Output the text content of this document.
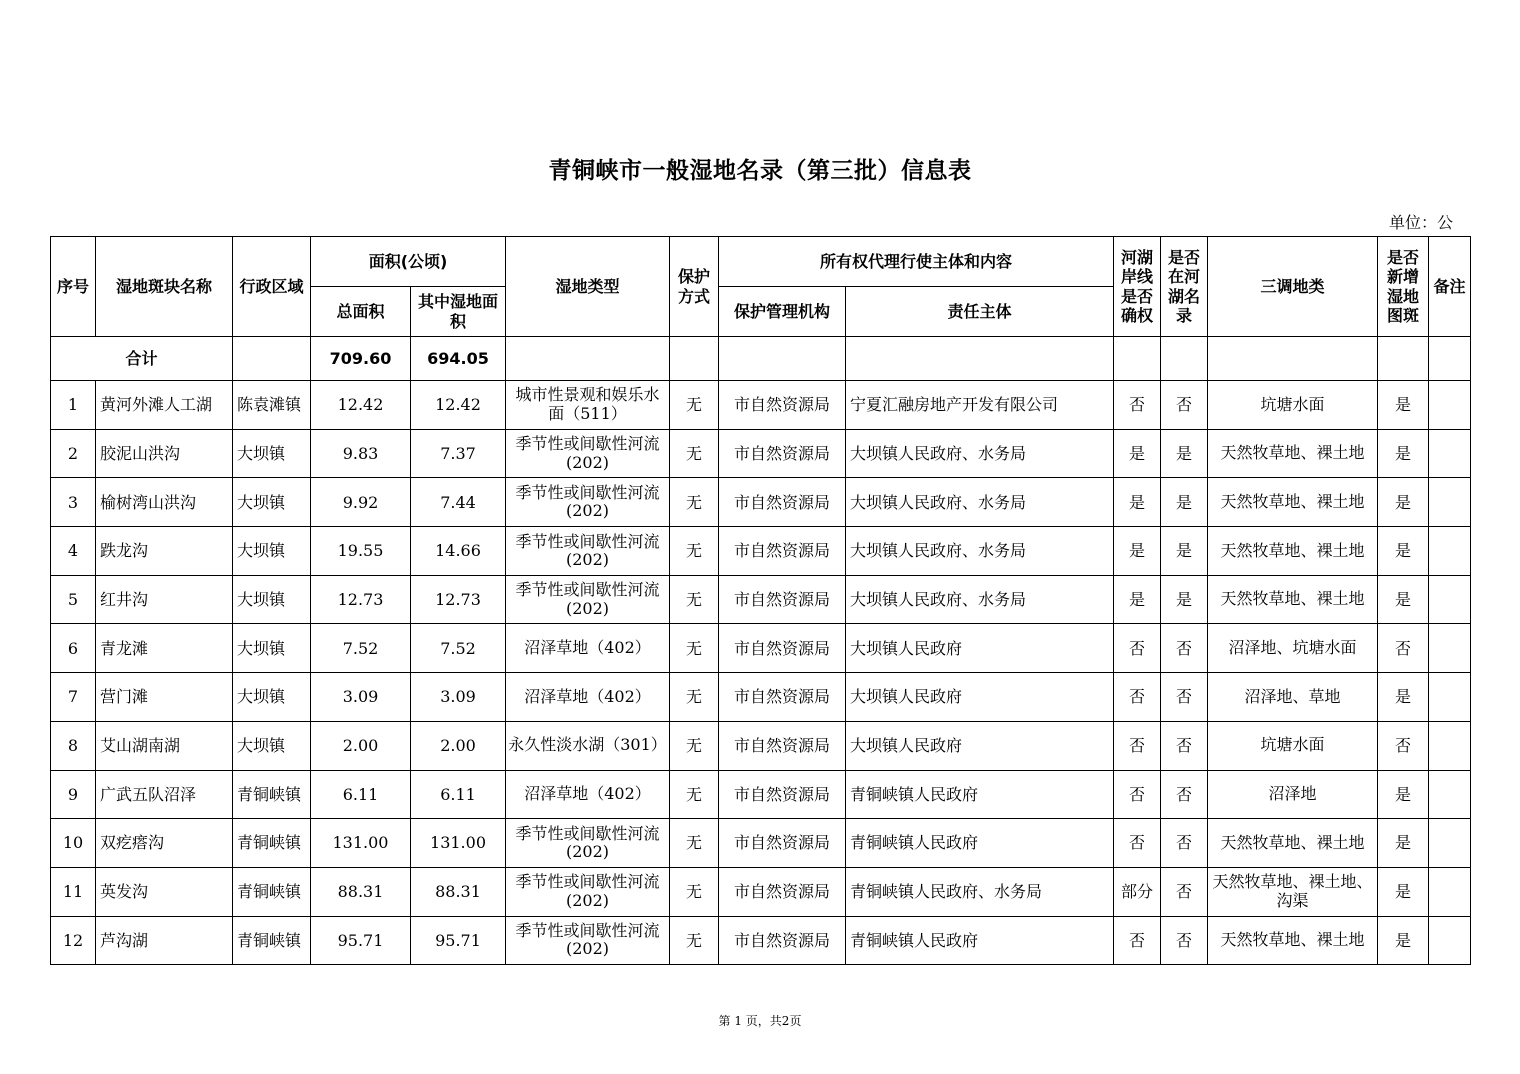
青铜峡市一般湿地名录（第三批）信息表
单位：公
序号	湿地斑块名称	行政区域	面积(公顷)		湿地类型	保护方式	所有权代理行使主体和内容		河湖岸线是否确权	是否在河湖名录	三调地类	是否新增湿地图斑	备注
			总面积	其中湿地面积			保护管理机构	责任主体					
合计			709.60	694.05									
1	黄河外滩人工湖	陈袁滩镇	12.42	12.42	城市性景观和娱乐水面（511）	无	市自然资源局	宁夏汇融房地产开发有限公司	否	否	坑塘水面	是	
2	胶泥山洪沟	大坝镇	9.83	7.37	季节性或间歇性河流(202)	无	市自然资源局	大坝镇人民政府、水务局	是	是	天然牧草地、裸土地	是	
3	榆树湾山洪沟	大坝镇	9.92	7.44	季节性或间歇性河流(202)	无	市自然资源局	大坝镇人民政府、水务局	是	是	天然牧草地、裸土地	是	
4	跌龙沟	大坝镇	19.55	14.66	季节性或间歇性河流(202)	无	市自然资源局	大坝镇人民政府、水务局	是	是	天然牧草地、裸土地	是	
5	红井沟	大坝镇	12.73	12.73	季节性或间歇性河流(202)	无	市自然资源局	大坝镇人民政府、水务局	是	是	天然牧草地、裸土地	是	
6	青龙滩	大坝镇	7.52	7.52	沼泽草地（402）	无	市自然资源局	大坝镇人民政府	否	否	沼泽地、坑塘水面	否	
7	营门滩	大坝镇	3.09	3.09	沼泽草地（402）	无	市自然资源局	大坝镇人民政府	否	否	沼泽地、草地	是	
8	艾山湖南湖	大坝镇	2.00	2.00	永久性淡水湖（301）	无	市自然资源局	大坝镇人民政府	否	否	坑塘水面	否	
9	广武五队沼泽	青铜峡镇	6.11	6.11	沼泽草地（402）	无	市自然资源局	青铜峡镇人民政府	否	否	沼泽地	是	
10	双疙瘩沟	青铜峡镇	131.00	131.00	季节性或间歇性河流(202)	无	市自然资源局	青铜峡镇人民政府	否	否	天然牧草地、裸土地	是	
11	英发沟	青铜峡镇	88.31	88.31	季节性或间歇性河流(202)	无	市自然资源局	青铜峡镇人民政府、水务局	部分	否	天然牧草地、裸土地、沟渠	是	
12	芦沟湖	青铜峡镇	95.71	95.71	季节性或间歇性河流(202)	无	市自然资源局	青铜峡镇人民政府	否	否	天然牧草地、裸土地	是	
第 1 页，共2页
